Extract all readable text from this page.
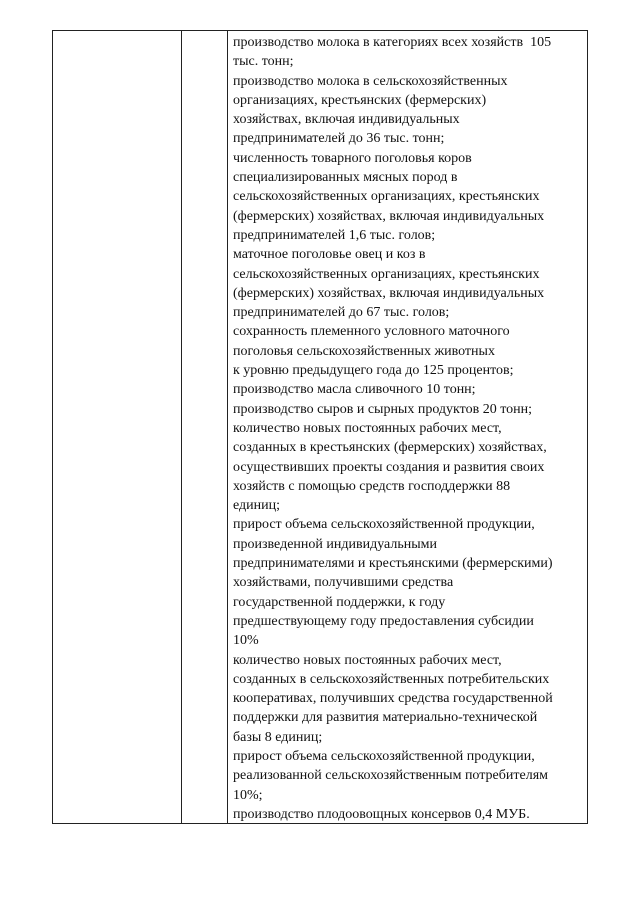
производство молока в категориях всех хозяйств  105
тыс. тонн;
производство молока в сельскохозяйственных
организациях, крестьянских (фермерских)
хозяйствах, включая индивидуальных
предпринимателей до 36 тыс. тонн;
численность товарного поголовья коров
специализированных мясных пород в
сельскохозяйственных организациях, крестьянских
(фермерских) хозяйствах, включая индивидуальных
предпринимателей 1,6 тыс. голов;
маточное поголовье овец и коз в
сельскохозяйственных организациях, крестьянских
(фермерских) хозяйствах, включая индивидуальных
предпринимателей до 67 тыс. голов;
сохранность племенного условного маточного
поголовья сельскохозяйственных животных
к уровню предыдущего года до 125 процентов;
производство масла сливочного 10 тонн;
производство сыров и сырных продуктов 20 тонн;
количество новых постоянных рабочих мест,
созданных в крестьянских (фермерских) хозяйствах,
осуществивших проекты создания и развития своих
хозяйств с помощью средств господдержки 88
единиц;
прирост объема сельскохозяйственной продукции,
произведенной индивидуальными
предпринимателями и крестьянскими (фермерскими)
хозяйствами, получившими средства
государственной поддержки, к году
предшествующему году предоставления субсидии
10%
количество новых постоянных рабочих мест,
созданных в сельскохозяйственных потребительских
кооперативах, получивших средства государственной
поддержки для развития материально-технической
базы 8 единиц;
прирост объема сельскохозяйственной продукции,
реализованной сельскохозяйственным потребителям
10%;
производство плодоовощных консервов 0,4 МУБ.
